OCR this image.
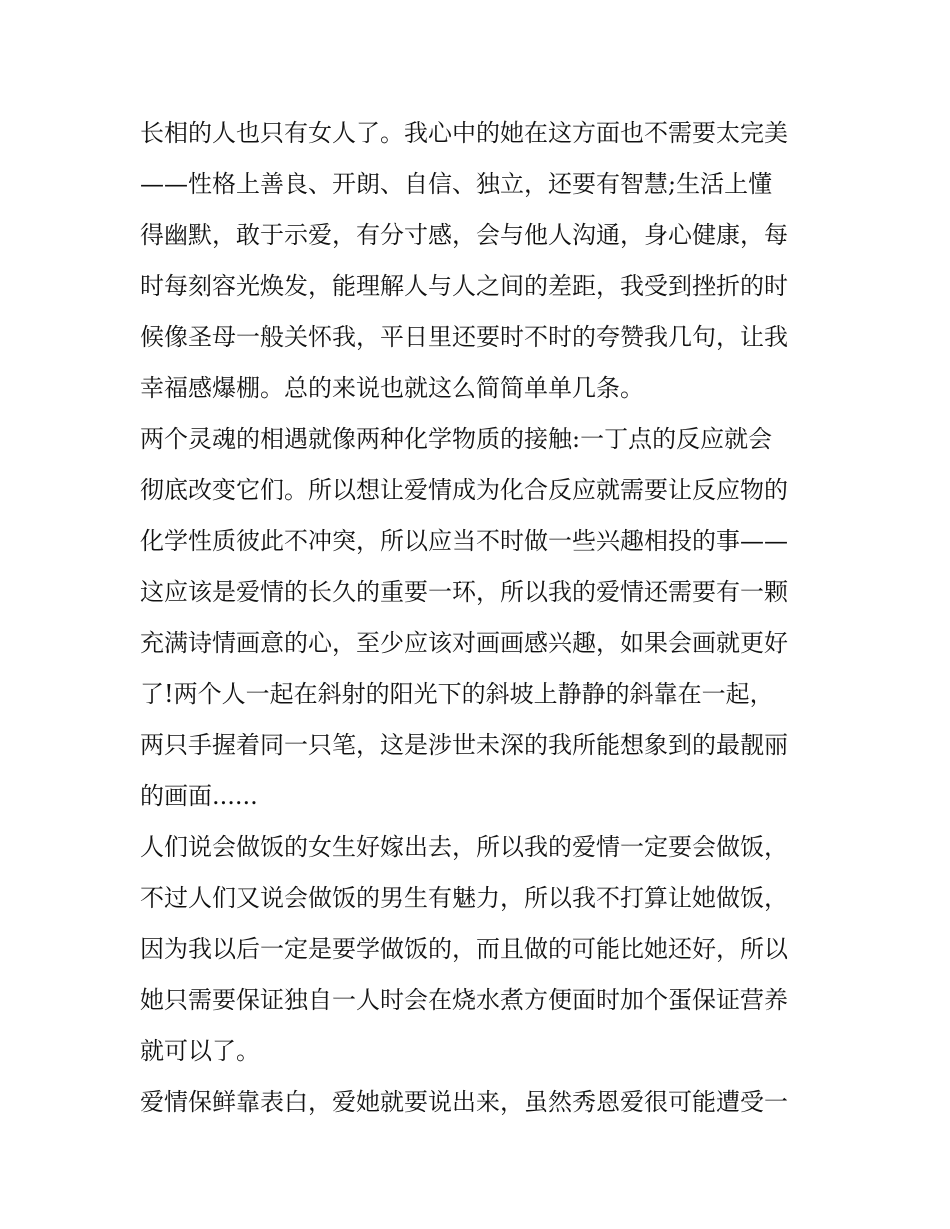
长相的人也只有女人了。我心中的她在这方面也不需要太完美
——性格上善良、开朗、自信、独立，还要有智慧;生活上懂
得幽默，敢于示爱，有分寸感，会与他人沟通，身心健康，每
时每刻容光焕发，能理解人与人之间的差距，我受到挫折的时
候像圣母一般关怀我，平日里还要时不时的夸赞我几句，让我
幸福感爆棚。总的来说也就这么简简单单几条。
两个灵魂的相遇就像两种化学物质的接触:一丁点的反应就会
彻底改变它们。所以想让爱情成为化合反应就需要让反应物的
化学性质彼此不冲突，所以应当不时做一些兴趣相投的事——
这应该是爱情的长久的重要一环，所以我的爱情还需要有一颗
充满诗情画意的心，至少应该对画画感兴趣，如果会画就更好
了!两个人一起在斜射的阳光下的斜坡上静静的斜靠在一起，
两只手握着同一只笔，这是涉世未深的我所能想象到的最靓丽
的画面......
人们说会做饭的女生好嫁出去，所以我的爱情一定要会做饭，
不过人们又说会做饭的男生有魅力，所以我不打算让她做饭，
因为我以后一定是要学做饭的，而且做的可能比她还好，所以
她只需要保证独自一人时会在烧水煮方便面时加个蛋保证营养
就可以了。
爱情保鲜靠表白，爱她就要说出来，虽然秀恩爱很可能遭受一
